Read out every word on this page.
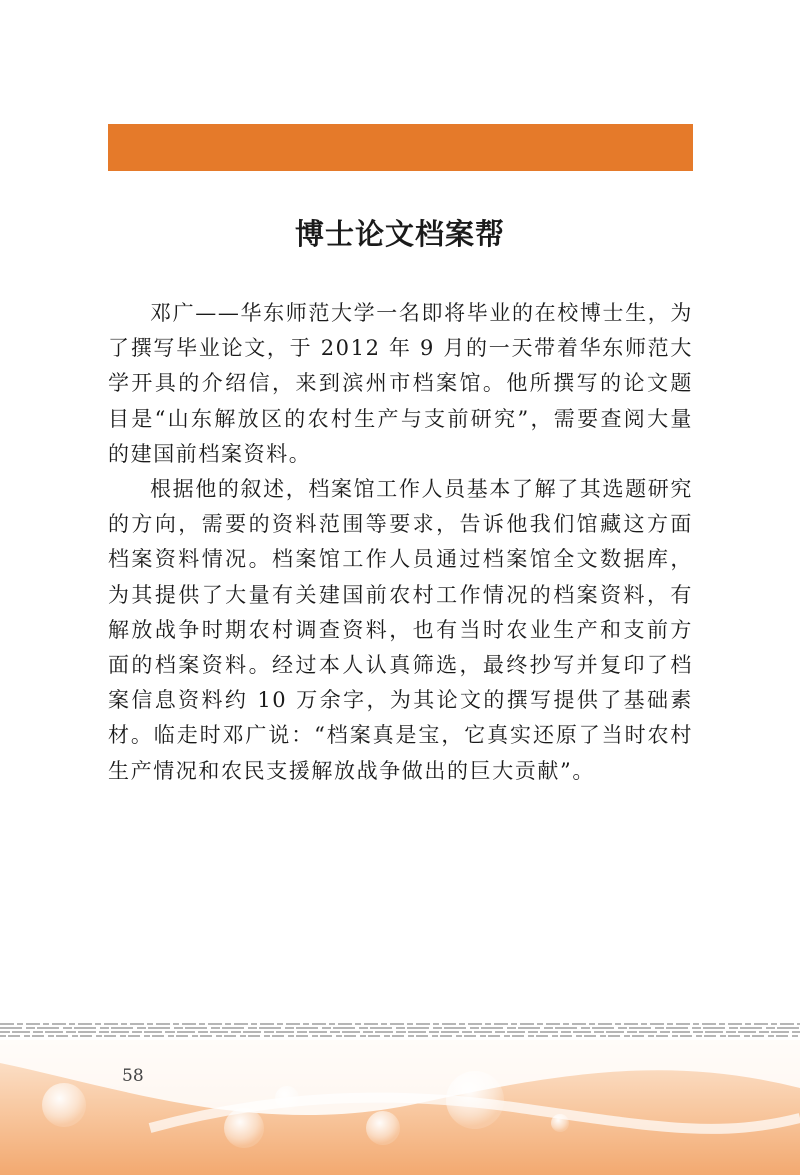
博士论文档案帮

邓广——华东师范大学一名即将毕业的在校博士生，为了撰写毕业论文，于 2012 年 9 月的一天带着华东师范大学开具的介绍信，来到滨州市档案馆。他所撰写的论文题目是“山东解放区的农村生产与支前研究”，需要查阅大量的建国前档案资料。

根据他的叙述，档案馆工作人员基本了解了其选题研究的方向，需要的资料范围等要求，告诉他我们馆藏这方面档案资料情况。档案馆工作人员通过档案馆全文数据库，为其提供了大量有关建国前农村工作情况的档案资料，有解放战争时期农村调查资料，也有当时农业生产和支前方面的档案资料。经过本人认真筛选，最终抄写并复印了档案信息资料约 10 万余字，为其论文的撰写提供了基础素材。临走时邓广说：“档案真是宝，它真实还原了当时农村生产情况和农民支援解放战争做出的巨大贡献”。

58
